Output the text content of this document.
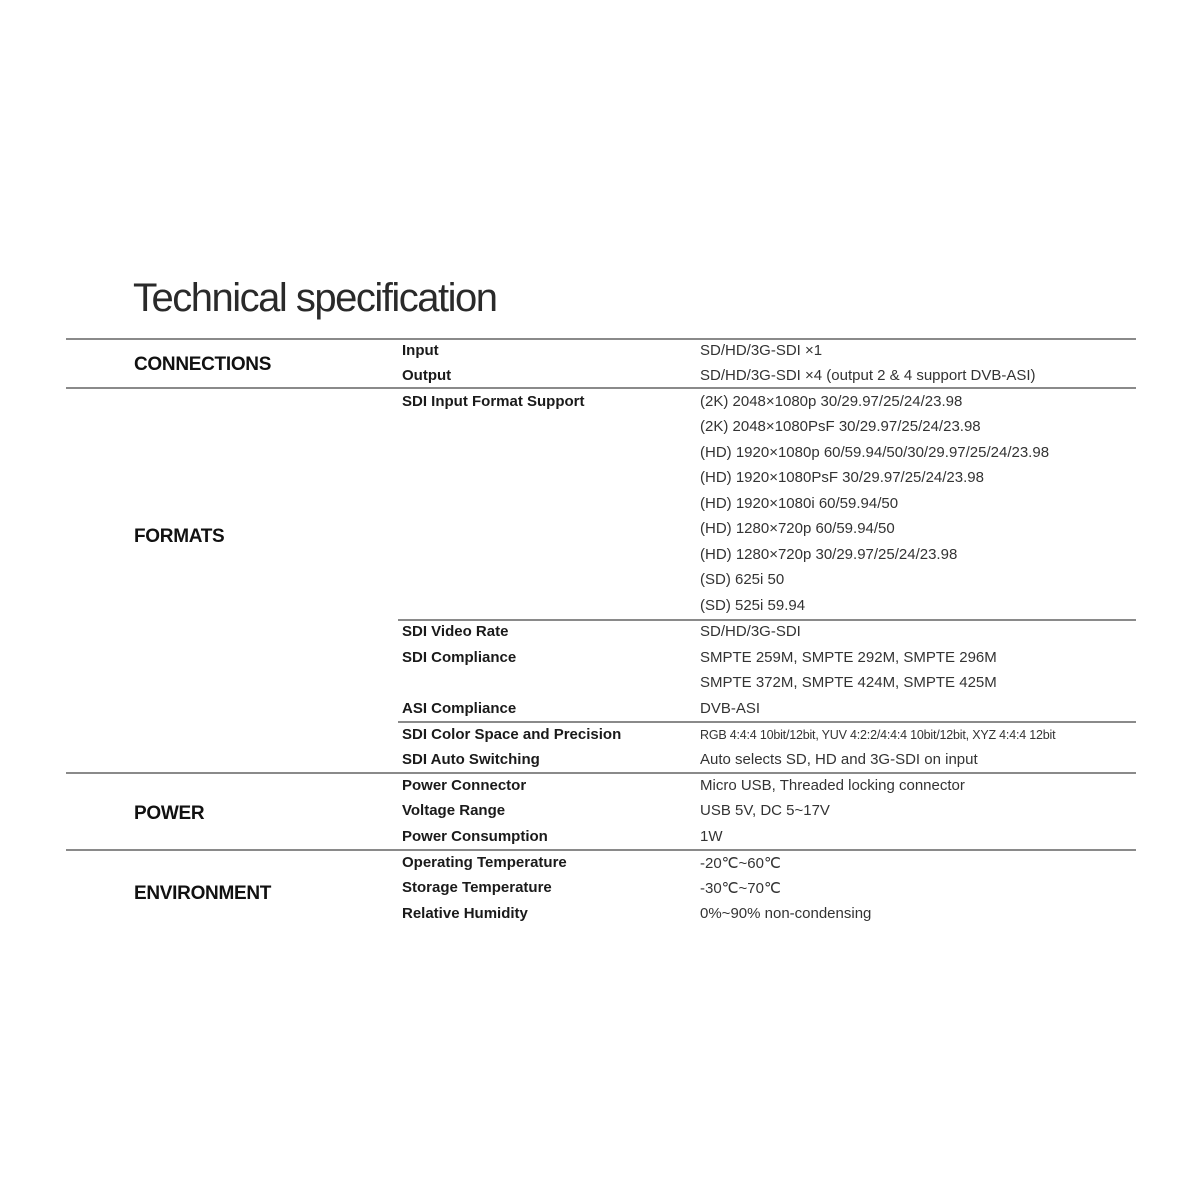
Technical specification
CONNECTIONS
Input	SD/HD/3G-SDI ×1
Output	SD/HD/3G-SDI ×4 (output 2 & 4 support DVB-ASI)
FORMATS
SDI Input Format Support	(2K) 2048×1080p 30/29.97/25/24/23.98
(2K) 2048×1080PsF 30/29.97/25/24/23.98
(HD) 1920×1080p 60/59.94/50/30/29.97/25/24/23.98
(HD) 1920×1080PsF 30/29.97/25/24/23.98
(HD) 1920×1080i 60/59.94/50
(HD) 1280×720p 60/59.94/50
(HD) 1280×720p 30/29.97/25/24/23.98
(SD) 625i 50
(SD) 525i 59.94
SDI Video Rate	SD/HD/3G-SDI
SDI Compliance	SMPTE 259M, SMPTE 292M, SMPTE 296M
SMPTE 372M, SMPTE 424M, SMPTE 425M
ASI Compliance	DVB-ASI
SDI Color Space and Precision	RGB 4:4:4 10bit/12bit, YUV 4:2:2/4:4:4 10bit/12bit, XYZ 4:4:4 12bit
SDI Auto Switching	Auto selects SD, HD and 3G-SDI on input
POWER
Power Connector	Micro USB, Threaded locking connector
Voltage Range	USB 5V, DC 5~17V
Power Consumption	1W
ENVIRONMENT
Operating Temperature	-20℃~60℃
Storage Temperature	-30℃~70℃
Relative Humidity	0%~90% non-condensing
